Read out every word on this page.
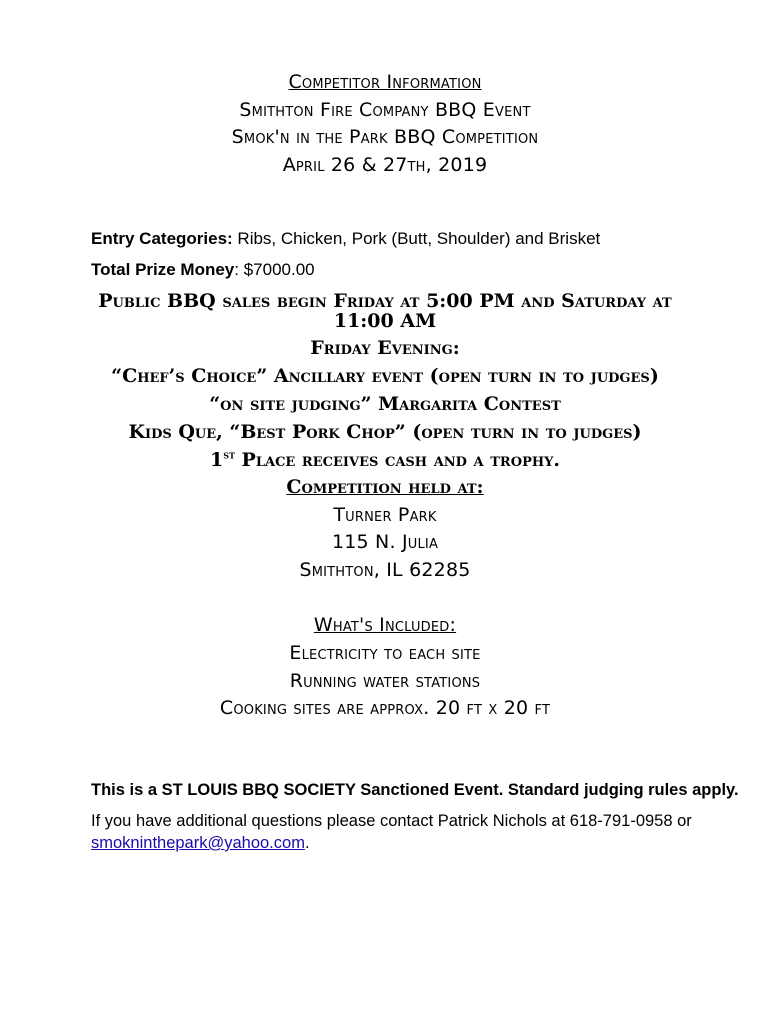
Competitor Information
Smithton Fire Company BBQ Event
Smok'n in the Park BBQ Competition
April 26 & 27th, 2019
Entry Categories: Ribs, Chicken, Pork (Butt, Shoulder) and Brisket
Total Prize Money: $7000.00
Public BBQ sales begin Friday at 5:00 PM and Saturday at
11:00 AM
Friday Evening:
“Chef’s Choice” Ancillary event (open turn in to judges)
“on site judging” Margarita Contest
Kids Que, “Best Pork Chop” (open turn in to judges)
1st Place receives cash and a trophy.
Competition held at:
Turner Park
115 N. Julia
Smithton, IL 62285
What's Included:
Electricity to each site
Running water stations
Cooking sites are approx. 20 ft x 20 ft
This is a ST LOUIS BBQ SOCIETY Sanctioned Event. Standard judging rules apply.
If you have additional questions please contact Patrick Nichols at 618-791-0958 or
smokninthepark@yahoo.com.
